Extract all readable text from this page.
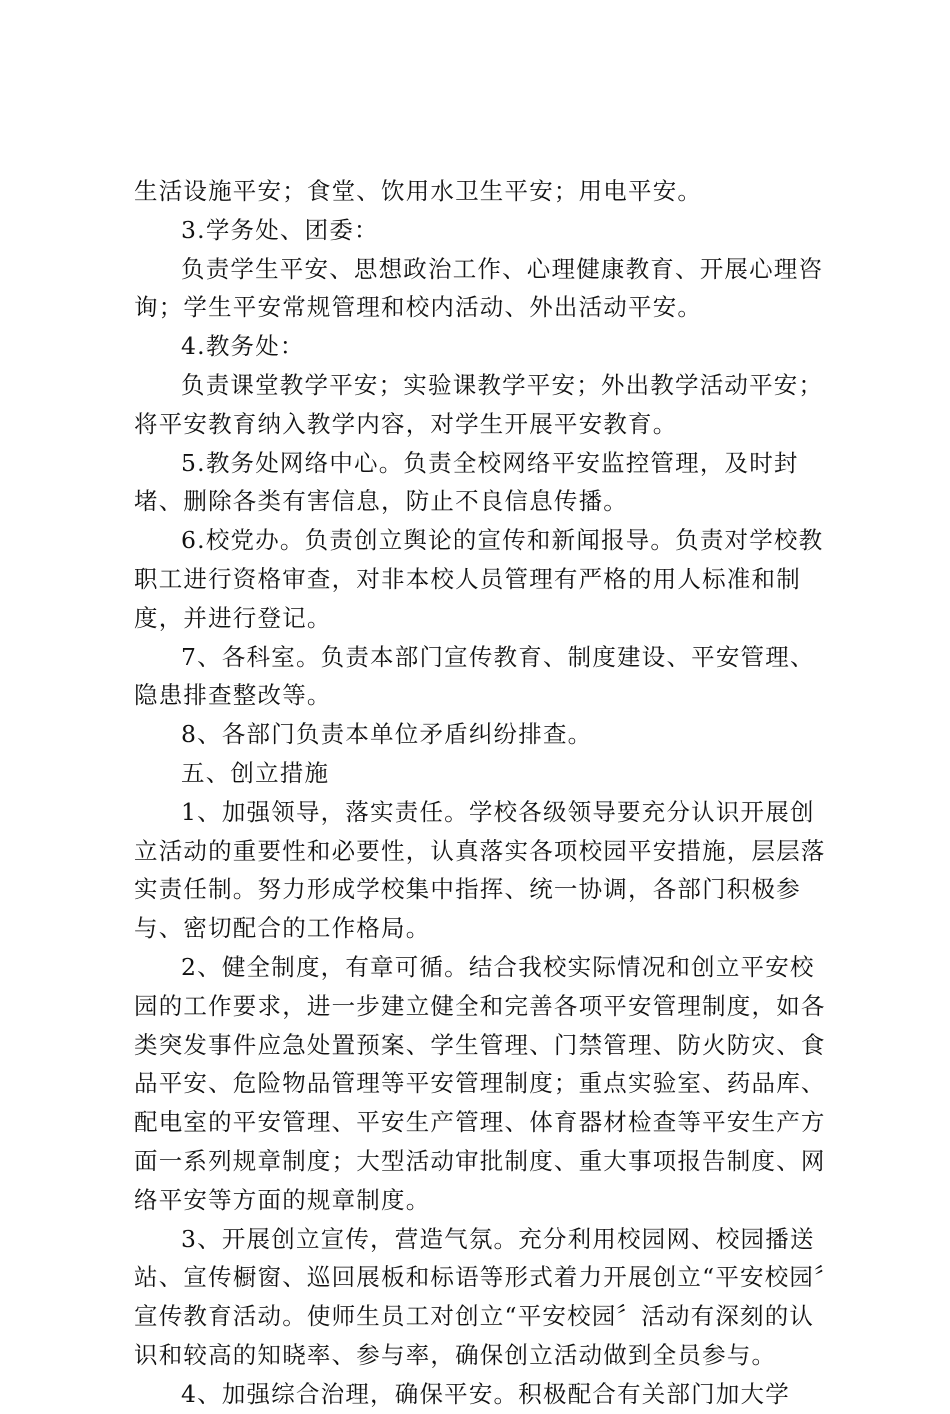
生活设施平安；食堂、饮用水卫生平安；用电平安。

3.学务处、团委：

负责学生平安、思想政治工作、心理健康教育、开展心理咨询；学生平安常规管理和校内活动、外出活动平安。

4.教务处：

负责课堂教学平安；实验课教学平安；外出教学活动平安；将平安教育纳入教学内容，对学生开展平安教育。

5.教务处网络中心。负责全校网络平安监控管理，及时封堵、删除各类有害信息，防止不良信息传播。

6.校党办。负责创立舆论的宣传和新闻报导。负责对学校教职工进行资格审查，对非本校人员管理有严格的用人标准和制度，并进行登记。

7、各科室。负责本部门宣传教育、制度建设、平安管理、隐患排查整改等。

8、各部门负责本单位矛盾纠纷排查。

五、创立措施

1、加强领导，落实责任。学校各级领导要充分认识开展创立活动的重要性和必要性，认真落实各项校园平安措施，层层落实责任制。努力形成学校集中指挥、统一协调，各部门积极参与、密切配合的工作格局。

2、健全制度，有章可循。结合我校实际情况和创立平安校园的工作要求，进一步建立健全和完善各项平安管理制度，如各类突发事件应急处置预案、学生管理、门禁管理、防火防灾、食品平安、危险物品管理等平安管理制度；重点实验室、药品库、配电室的平安管理、平安生产管理、体育器材检查等平安生产方面一系列规章制度；大型活动审批制度、重大事项报告制度、网络平安等方面的规章制度。

3、开展创立宣传，营造气氛。充分利用校园网、校园播送站、宣传橱窗、巡回展板和标语等形式着力开展创立“平安校园〞宣传教育活动。使师生员工对创立“平安校园〞活动有深刻的认识和较高的知晓率、参与率，确保创立活动做到全员参与。

4、加强综合治理，确保平安。积极配合有关部门加大学
